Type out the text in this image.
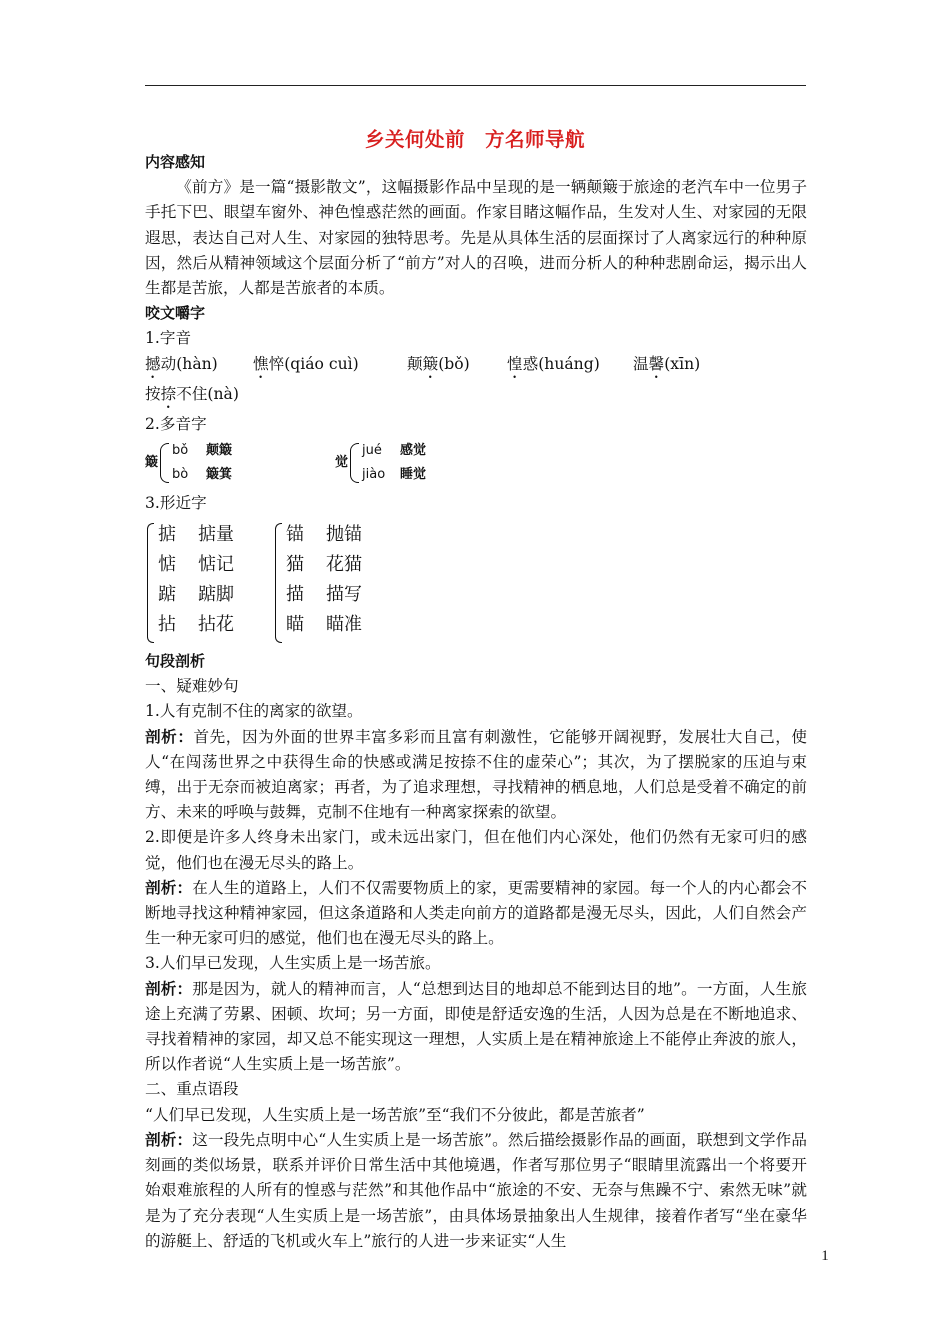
乡关何处前　方名师导航
内容感知
《前方》是一篇“摄影散文”，这幅摄影作品中呈现的是一辆颠簸于旅途的老汽车中一位男子手托下巴、眼望车窗外、神色惶惑茫然的画面。作家目睹这幅作品，生发对人生、对家园的无限遐思，表达自己对人生、对家园的独特思考。先是从具体生活的层面探讨了人离家远行的种种原因，然后从精神领域这个层面分析了“前方”对人的召唤，进而分析人的种种悲剧命运，揭示出人生都是苦旅，人都是苦旅者的本质。
咬文嚼字
1.字音
撼动(hàn)	憔悴(qiáo cuì)	颠簸(bǒ)	惶惑(huáng)	温馨(xīn)
按捺不住(nà)
2.多音字
簸
bǒ	颠簸
bò	簸箕
觉
jué	感觉
jiào	睡觉
3.形近字
掂 掂量
惦 惦记
踮 踮脚
拈 拈花
锚 抛锚
猫 花猫
描 描写
瞄 瞄准
句段剖析
一、疑难妙句
1.人有克制不住的离家的欲望。
剖析：首先，因为外面的世界丰富多彩而且富有刺激性，它能够开阔视野，发展壮大自己，使人“在闯荡世界之中获得生命的快感或满足按捺不住的虚荣心”；其次，为了摆脱家的压迫与束缚，出于无奈而被迫离家；再者，为了追求理想，寻找精神的栖息地，人们总是受着不确定的前方、未来的呼唤与鼓舞，克制不住地有一种离家探索的欲望。
2.即便是许多人终身未出家门，或未远出家门，但在他们内心深处，他们仍然有无家可归的感觉，他们也在漫无尽头的路上。
剖析：在人生的道路上，人们不仅需要物质上的家，更需要精神的家园。每一个人的内心都会不断地寻找这种精神家园，但这条道路和人类走向前方的道路都是漫无尽头，因此，人们自然会产生一种无家可归的感觉，他们也在漫无尽头的路上。
3.人们早已发现，人生实质上是一场苦旅。
剖析：那是因为，就人的精神而言，人“总想到达目的地却总不能到达目的地”。一方面，人生旅途上充满了劳累、困顿、坎坷；另一方面，即使是舒适安逸的生活，人因为总是在不断地追求、寻找着精神的家园，却又总不能实现这一理想，人实质上是在精神旅途上不能停止奔波的旅人，所以作者说“人生实质上是一场苦旅”。
二、重点语段
“人们早已发现，人生实质上是一场苦旅”至“我们不分彼此，都是苦旅者”
剖析：这一段先点明中心“人生实质上是一场苦旅”。然后描绘摄影作品的画面，联想到文学作品刻画的类似场景，联系并评价日常生活中其他境遇，作者写那位男子“眼睛里流露出一个将要开始艰难旅程的人所有的惶惑与茫然”和其他作品中“旅途的不安、无奈与焦躁不宁、索然无味”就是为了充分表现“人生实质上是一场苦旅”，由具体场景抽象出人生规律，接着作者写“坐在豪华的游艇上、舒适的飞机或火车上”旅行的人进一步来证实“人生
1
